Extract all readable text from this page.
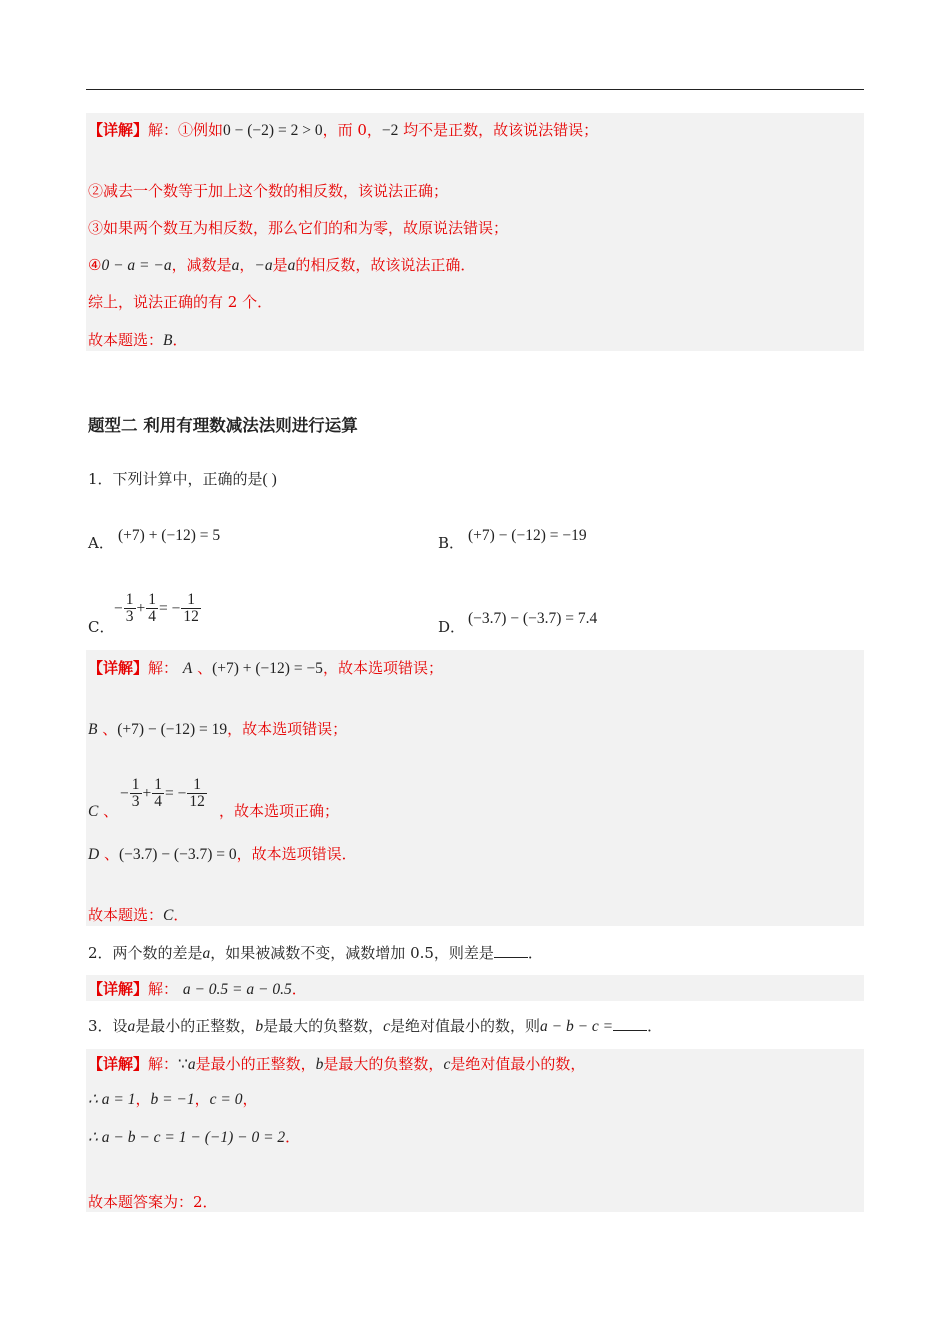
【详解】解：①例如0 − (−2) = 2 > 0，而 0，−2 均不是正数，故该说法错误；
②减去一个数等于加上这个数的相反数，该说法正确；
③如果两个数互为相反数，那么它们的和为零，故原说法错误；
④0 − a = −a，减数是a，−a是a的相反数，故该说法正确．
综上，说法正确的有 2 个．
故本题选：B．
题型二 利用有理数减法法则进行运算
1．下列计算中，正确的是( )
A． (+7) + (−12) = 5	B． (+7) − (−12) = −19
C．
− $\frac{1}{3} + \frac{1}{4}$ = − $\frac{1}{12}$
D． (−3.7) − (−3.7) = 7.4
【详解】解： A 、(+7) + (−12) = −5，故本选项错误；
B 、(+7) − (−12) = 19，故本选项错误；
C 、
− $\frac{1}{3} + \frac{1}{4}$ = − $\frac{1}{12}$
，故本选项正确；
D 、(−3.7) − (−3.7) = 0，故本选项错误．
故本题选：C．
2．两个数的差是a，如果被减数不变，减数增加 0.5，则差是 ．
【详解】解： a − 0.5 = a − 0.5．
3．设a是最小的正整数，b是最大的负整数，c是绝对值最小的数，则a − b − c = ．
【详解】解：∵a是最小的正整数，b是最大的负整数，c是绝对值最小的数，
∴ a = 1，b = −1，c = 0，
∴ a − b − c = 1 − (−1) − 0 = 2．
故本题答案为：2．
